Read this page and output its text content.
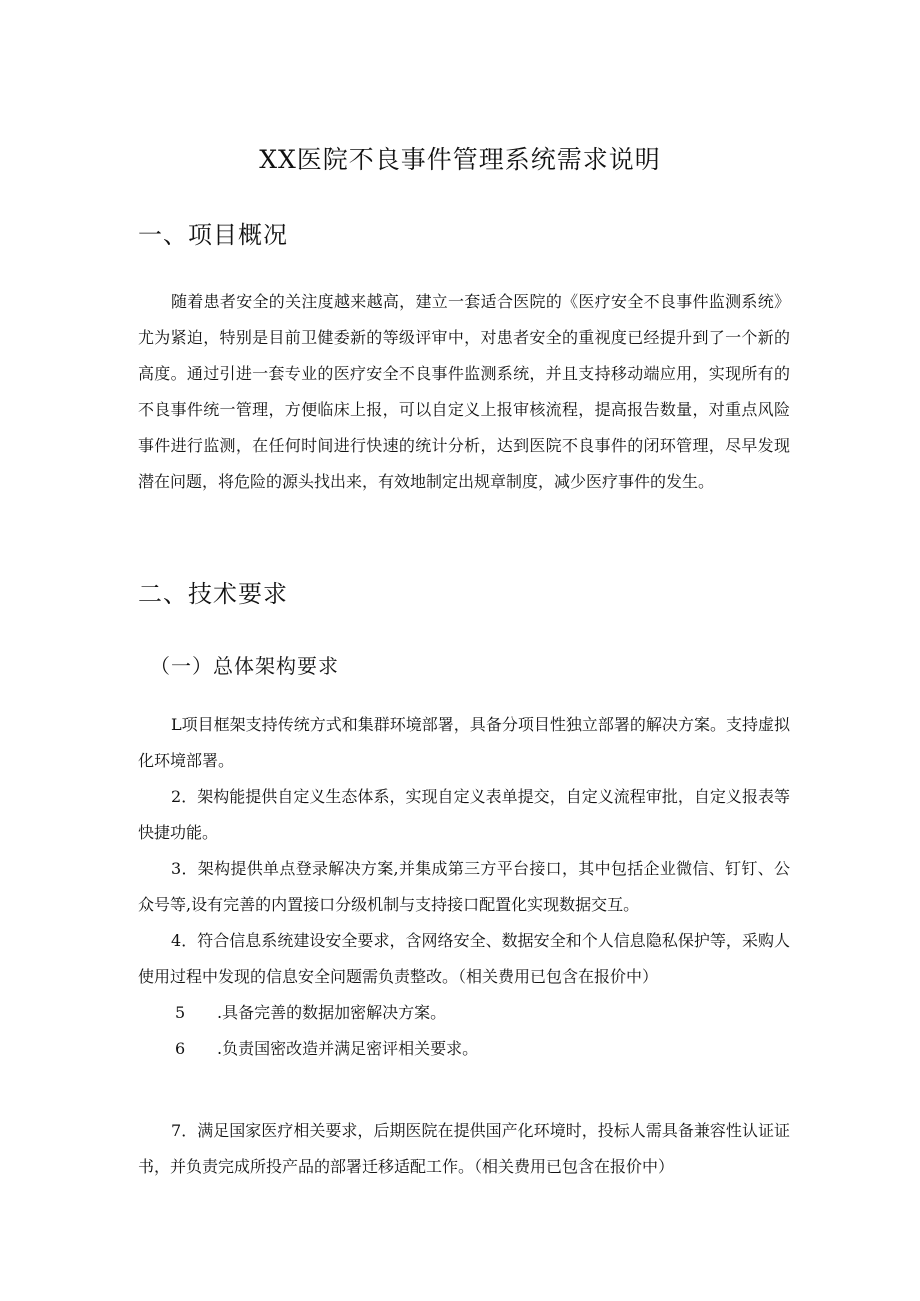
XX医院不良事件管理系统需求说明
一、项目概况
随着患者安全的关注度越来越高，建立一套适合医院的《医疗安全不良事件监测系统》尤为紧迫，特别是目前卫健委新的等级评审中，对患者安全的重视度已经提升到了一个新的高度。通过引进一套专业的医疗安全不良事件监测系统，并且支持移动端应用，实现所有的不良事件统一管理，方便临床上报，可以自定义上报审核流程，提高报告数量，对重点风险事件进行监测，在任何时间进行快速的统计分析，达到医院不良事件的闭环管理，尽早发现潜在问题，将危险的源头找出来，有效地制定出规章制度，减少医疗事件的发生。
二、技术要求
（一）总体架构要求
L项目框架支持传统方式和集群环境部署，具备分项目性独立部署的解决方案。支持虚拟化环境部署。
2．架构能提供自定义生态体系，实现自定义表单提交，自定义流程审批，自定义报表等快捷功能。
3．架构提供单点登录解决方案,并集成第三方平台接口，其中包括企业微信、钉钉、公众号等,设有完善的内置接口分级机制与支持接口配置化实现数据交互。
4．符合信息系统建设安全要求，含网络安全、数据安全和个人信息隐私保护等，采购人使用过程中发现的信息安全问题需负责整改。（相关费用已包含在报价中）
5 .具备完善的数据加密解决方案。
6 .负责国密改造并满足密评相关要求。
7．满足国家医疗相关要求，后期医院在提供国产化环境时，投标人需具备兼容性认证证书，并负责完成所投产品的部署迁移适配工作。（相关费用已包含在报价中）
